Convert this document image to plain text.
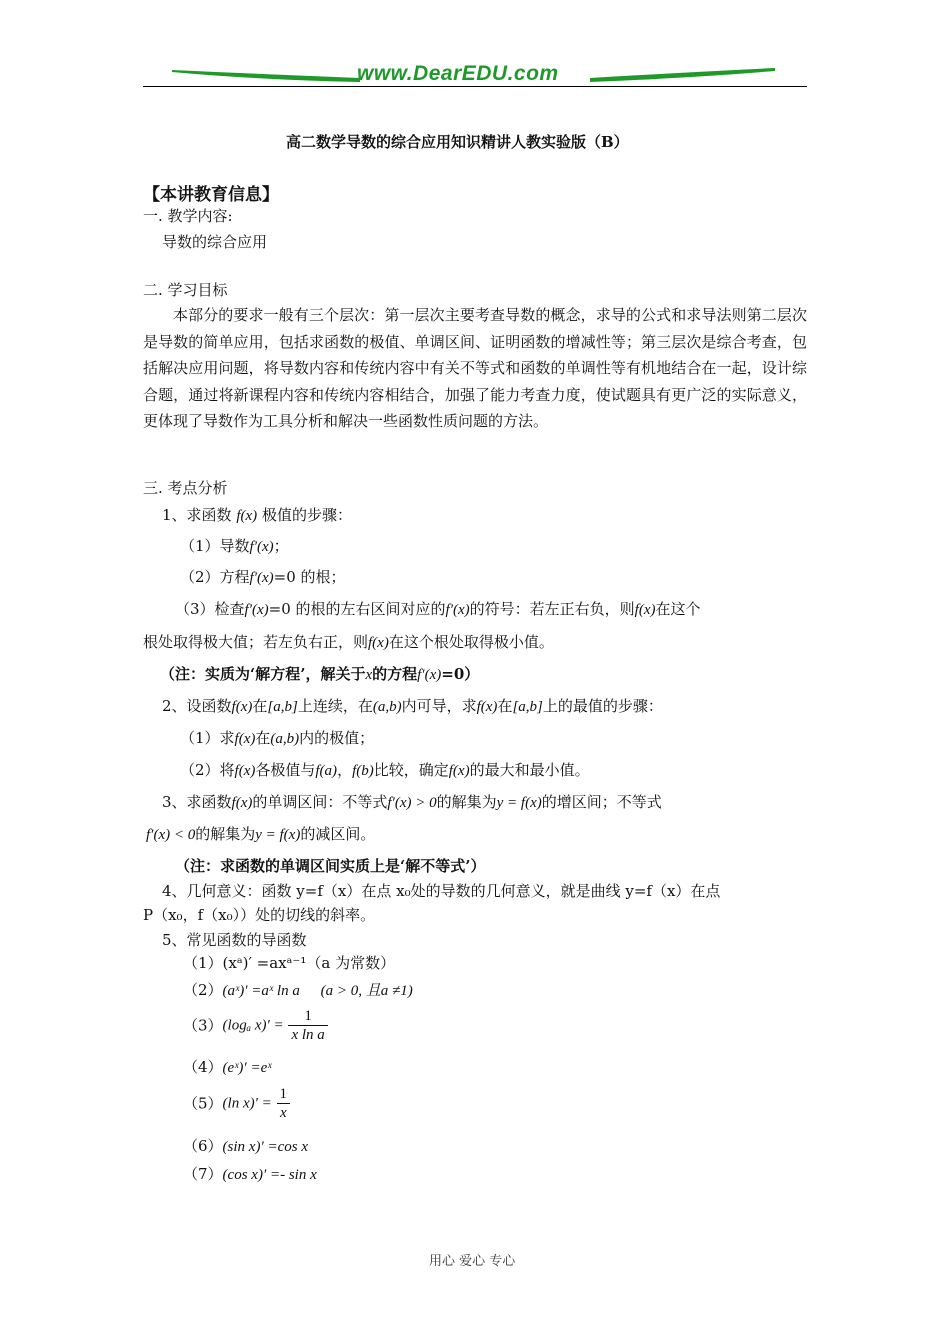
www.DearEDU.com
高二数学导数的综合应用知识精讲人教实验版（B）
【本讲教育信息】
一. 教学内容:
导数的综合应用
二. 学习目标
本部分的要求一般有三个层次：第一层次主要考查导数的概念，求导的公式和求导法则第二层次是导数的简单应用，包括求函数的极值、单调区间、证明函数的增减性等；第三层次是综合考查，包括解决应用问题，将导数内容和传统内容中有关不等式和函数的单调性等有机地结合在一起，设计综合题，通过将新课程内容和传统内容相结合，加强了能力考查力度，使试题具有更广泛的实际意义，更体现了导数作为工具分析和解决一些函数性质问题的方法。
三. 考点分析
1、求函数 f(x) 极值的步骤：
（1）导数f′(x)；
（2）方程f′(x)=0 的根；
（3）检查f′(x)=0 的根的左右区间对应的f′(x)的符号：若左正右负，则f(x)在这个
根处取得极大值；若左负右正，则f(x)在这个根处取得极小值。
（注：实质为‘解方程’，解关于x的方程f′(x)=0）
2、设函数f(x)在[a,b]上连续，在(a,b)内可导，求f(x)在[a,b]上的最值的步骤：
（1）求f(x)在(a,b)内的极值；
（2）将f(x)各极值与f(a)，f(b)比较，确定f(x)的最大和最小值。
3、求函数f(x)的单调区间：不等式f′(x) > 0的解集为y = f(x)的增区间；不等式
f′(x) < 0的解集为y = f(x)的减区间。
（注：求函数的单调区间实质上是‘解不等式’）
4、几何意义：函数 y=f（x）在点 x₀处的导数的几何意义，就是曲线 y=f（x）在点
P（x₀，f（x₀））处的切线的斜率。
5、常见函数的导函数
（1）(xᵃ)′ =axᵃ⁻¹（a 为常数）
（2）(aˣ)′ =aˣ ln a (a > 0, 且a ≠1)
（3）(logₐ $x)' = \frac{1}{\text{x ln a}}$
（4）(eˣ)′ =eˣ
（5）(ln $x)' = \frac{1}{x}$
（6）(sin x)′ =cos x
（7）(cos x)′ =- sin x
用心 爱心 专心
